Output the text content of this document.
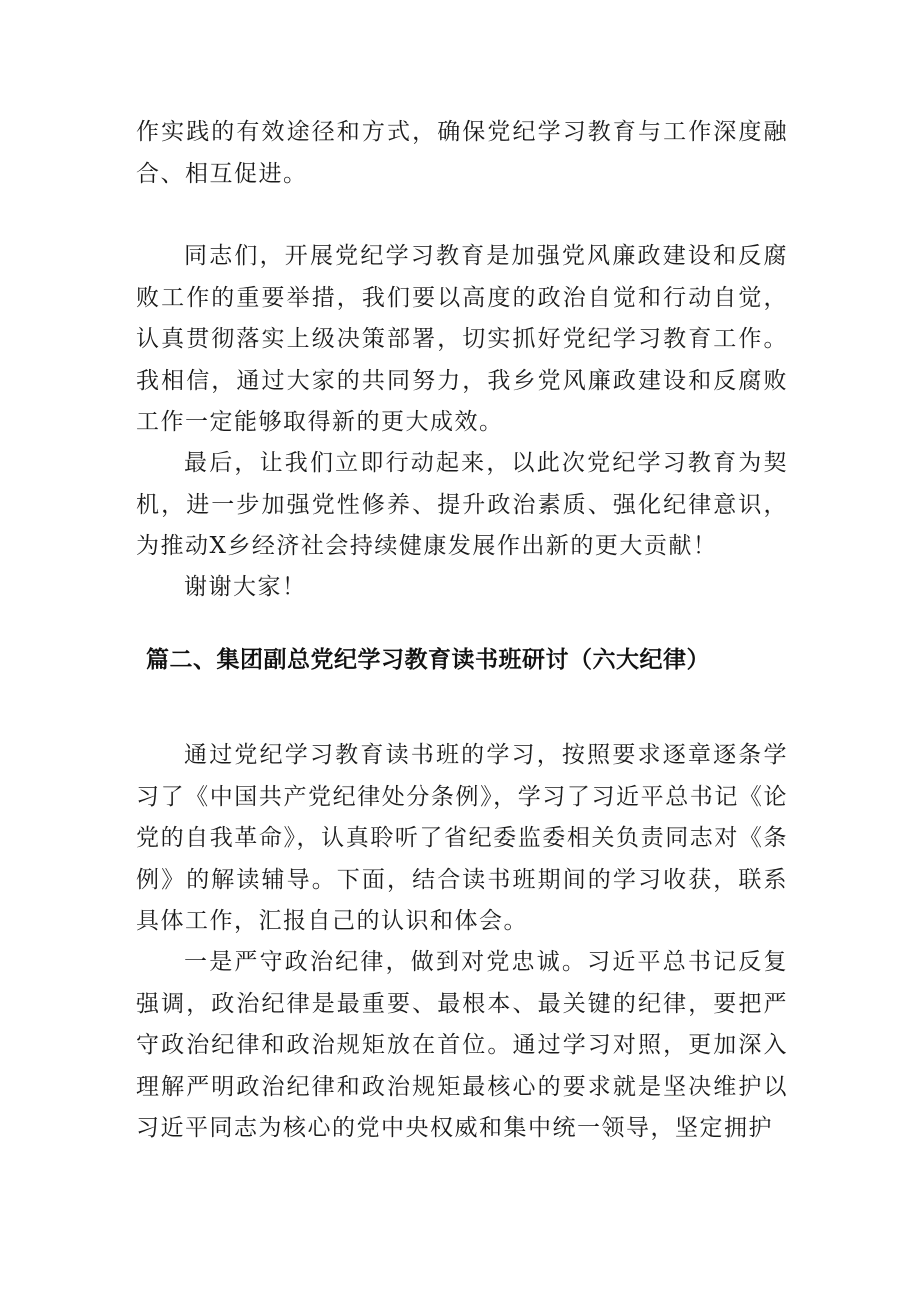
作实践的有效途径和方式，确保党纪学习教育与工作深度融合、相互促进。

同志们，开展党纪学习教育是加强党风廉政建设和反腐败工作的重要举措，我们要以高度的政治自觉和行动自觉，认真贯彻落实上级决策部署，切实抓好党纪学习教育工作。我相信，通过大家的共同努力，我乡党风廉政建设和反腐败工作一定能够取得新的更大成效。

最后，让我们立即行动起来，以此次党纪学习教育为契机，进一步加强党性修养、提升政治素质、强化纪律意识，为推动X乡经济社会持续健康发展作出新的更大贡献！

谢谢大家！

篇二、集团副总党纪学习教育读书班研讨（六大纪律）

通过党纪学习教育读书班的学习，按照要求逐章逐条学习了《中国共产党纪律处分条例》，学习了习近平总书记《论党的自我革命》，认真聆听了省纪委监委相关负责同志对《条例》的解读辅导。下面，结合读书班期间的学习收获，联系具体工作，汇报自己的认识和体会。

一是严守政治纪律，做到对党忠诚。习近平总书记反复强调，政治纪律是最重要、最根本、最关键的纪律，要把严守政治纪律和政治规矩放在首位。通过学习对照，更加深入理解严明政治纪律和政治规矩最核心的要求就是坚决维护以习近平同志为核心的党中央权威和集中统一领导，坚定拥护
